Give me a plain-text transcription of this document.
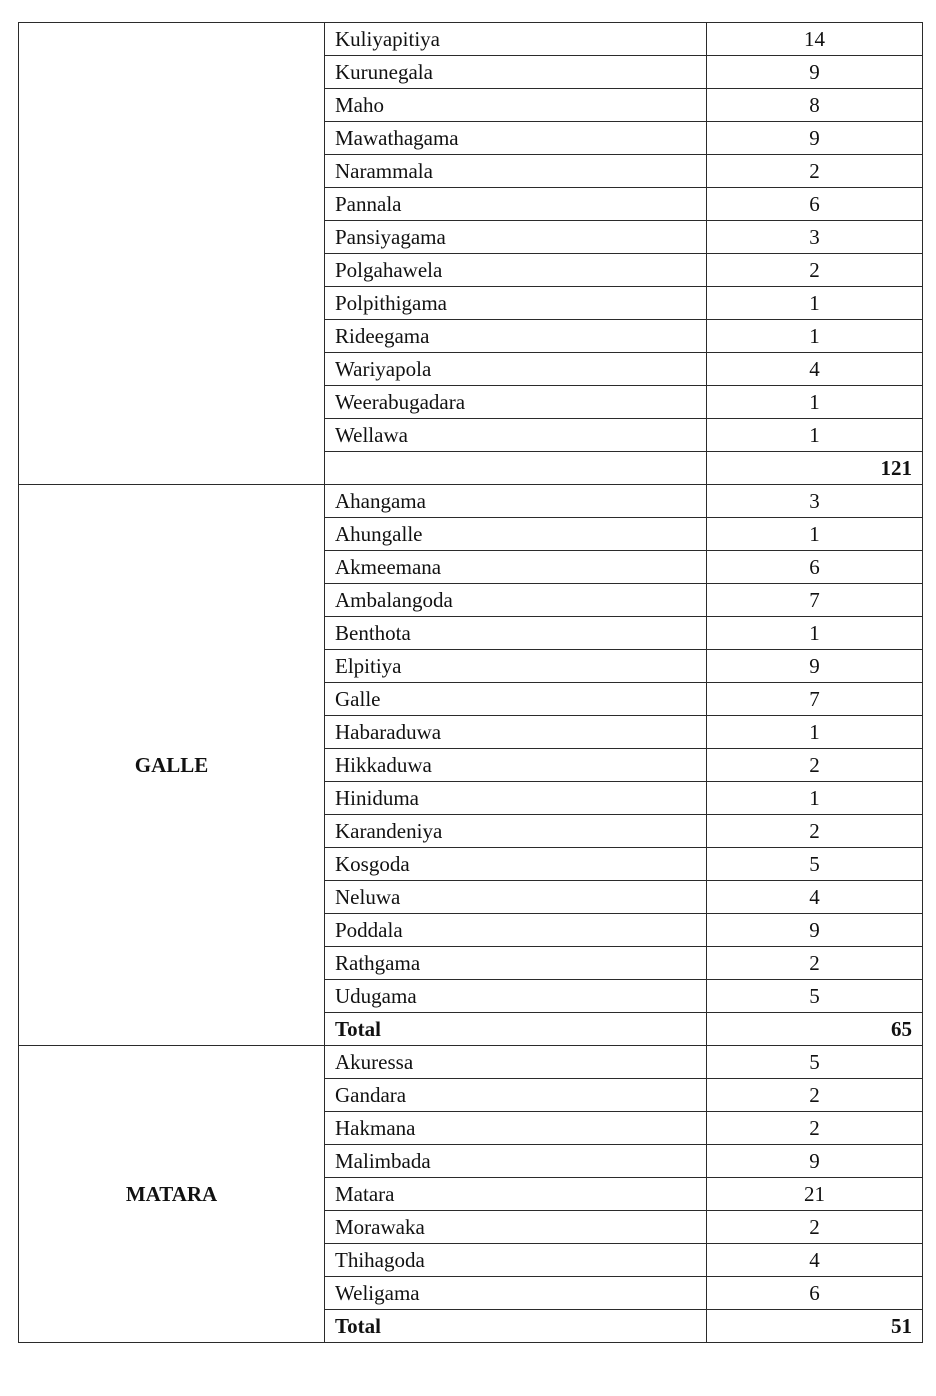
	Kuliyapitiya	14
	Kurunegala	9
	Maho	8
	Mawathagama	9
	Narammala	2
	Pannala	6
	Pansiyagama	3
	Polgahawela	2
	Polpithigama	1
	Rideegama	1
	Wariyapola	4
	Weerabugadara	1
	Wellawa	1
		121
GALLE	Ahangama	3
	Ahungalle	1
	Akmeemana	6
	Ambalangoda	7
	Benthota	1
	Elpitiya	9
	Galle	7
	Habaraduwa	1
	Hikkaduwa	2
	Hiniduma	1
	Karandeniya	2
	Kosgoda	5
	Neluwa	4
	Poddala	9
	Rathgama	2
	Udugama	5
	Total	65
MATARA	Akuressa	5
	Gandara	2
	Hakmana	2
	Malimbada	9
	Matara	21
	Morawaka	2
	Thihagoda	4
	Weligama	6
	Total	51
